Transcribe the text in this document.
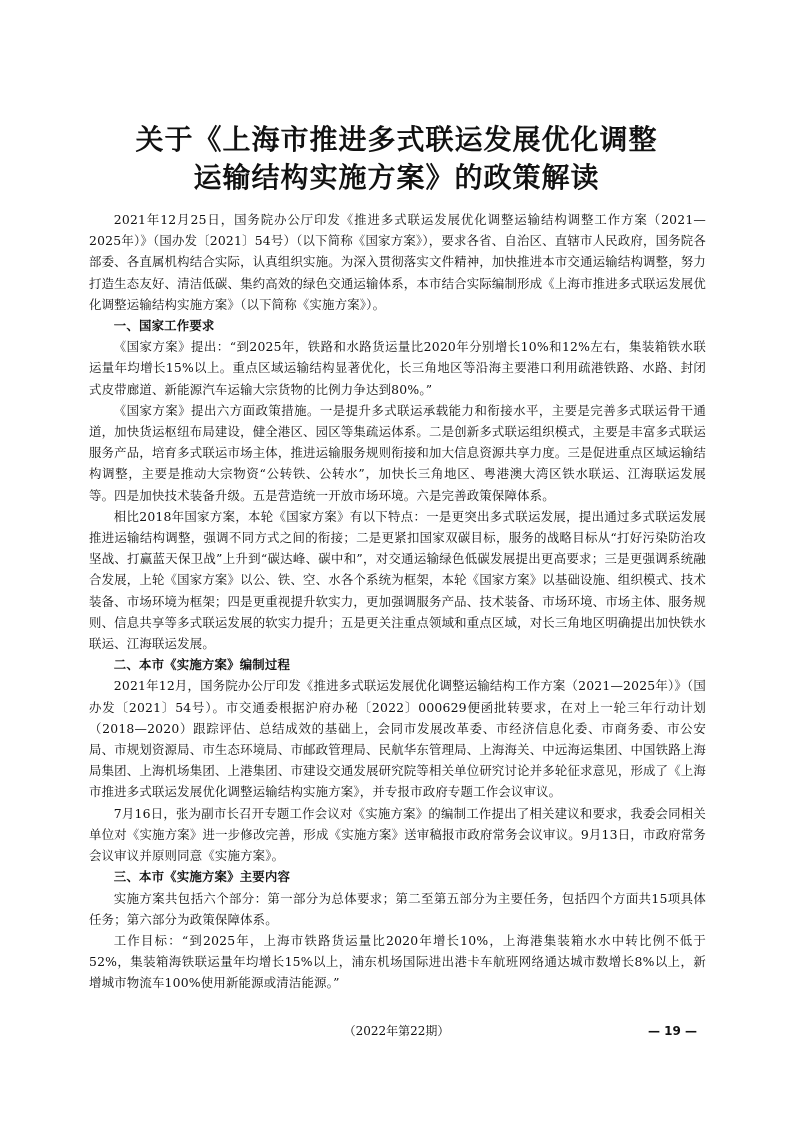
关于《上海市推进多式联运发展优化调整
运输结构实施方案》的政策解读

2021年12月25日，国务院办公厅印发《推进多式联运发展优化调整运输结构调整工作方案（2021—2025年）》（国办发〔2021〕54号）（以下简称《国家方案》），要求各省、自治区、直辖市人民政府，国务院各部委、各直属机构结合实际，认真组织实施。为深入贯彻落实文件精神，加快推进本市交通运输结构调整，努力打造生态友好、清洁低碳、集约高效的绿色交通运输体系，本市结合实际编制形成《上海市推进多式联运发展优化调整运输结构实施方案》（以下简称《实施方案》）。

一、国家工作要求

《国家方案》提出：“到2025年，铁路和水路货运量比2020年分别增长10%和12%左右，集装箱铁水联运量年均增长15%以上。重点区域运输结构显著优化，长三角地区等沿海主要港口利用疏港铁路、水路、封闭式皮带廊道、新能源汽车运输大宗货物的比例力争达到80%。”

《国家方案》提出六方面政策措施。一是提升多式联运承载能力和衔接水平，主要是完善多式联运骨干通道，加快货运枢纽布局建设，健全港区、园区等集疏运体系。二是创新多式联运组织模式，主要是丰富多式联运服务产品，培育多式联运市场主体，推进运输服务规则衔接和加大信息资源共享力度。三是促进重点区域运输结构调整，主要是推动大宗物资“公转铁、公转水”，加快长三角地区、粤港澳大湾区铁水联运、江海联运发展等。四是加快技术装备升级。五是营造统一开放市场环境。六是完善政策保障体系。

相比2018年国家方案，本轮《国家方案》有以下特点：一是更突出多式联运发展，提出通过多式联运发展推进运输结构调整，强调不同方式之间的衔接；二是更紧扣国家双碳目标，服务的战略目标从“打好污染防治攻坚战、打赢蓝天保卫战”上升到“碳达峰、碳中和”，对交通运输绿色低碳发展提出更高要求；三是更强调系统融合发展，上轮《国家方案》以公、铁、空、水各个系统为框架，本轮《国家方案》以基础设施、组织模式、技术装备、市场环境为框架；四是更重视提升软实力，更加强调服务产品、技术装备、市场环境、市场主体、服务规则、信息共享等多式联运发展的软实力提升；五是更关注重点领域和重点区域，对长三角地区明确提出加快铁水联运、江海联运发展。

二、本市《实施方案》编制过程

2021年12月，国务院办公厅印发《推进多式联运发展优化调整运输结构工作方案（2021—2025年）》（国办发〔2021〕54号）。市交通委根据沪府办秘〔2022〕000629便函批转要求，在对上一轮三年行动计划（2018—2020）跟踪评估、总结成效的基础上，会同市发展改革委、市经济信息化委、市商务委、市公安局、市规划资源局、市生态环境局、市邮政管理局、民航华东管理局、上海海关、中远海运集团、中国铁路上海局集团、上海机场集团、上港集团、市建设交通发展研究院等相关单位研究讨论并多轮征求意见，形成了《上海市推进多式联运发展优化调整运输结构实施方案》，并专报市政府专题工作会议审议。

7月16日，张为副市长召开专题工作会议对《实施方案》的编制工作提出了相关建议和要求，我委会同相关单位对《实施方案》进一步修改完善，形成《实施方案》送审稿报市政府常务会议审议。9月13日，市政府常务会议审议并原则同意《实施方案》。

三、本市《实施方案》主要内容

实施方案共包括六个部分：第一部分为总体要求；第二至第五部分为主要任务，包括四个方面共15项具体任务；第六部分为政策保障体系。

工作目标：“到2025年，上海市铁路货运量比2020年增长10%，上海港集装箱水水中转比例不低于52%，集装箱海铁联运量年均增长15%以上，浦东机场国际进出港卡车航班网络通达城市数增长8%以上，新增城市物流车100%使用新能源或清洁能源。”

（2022年第22期）	— 19 —
